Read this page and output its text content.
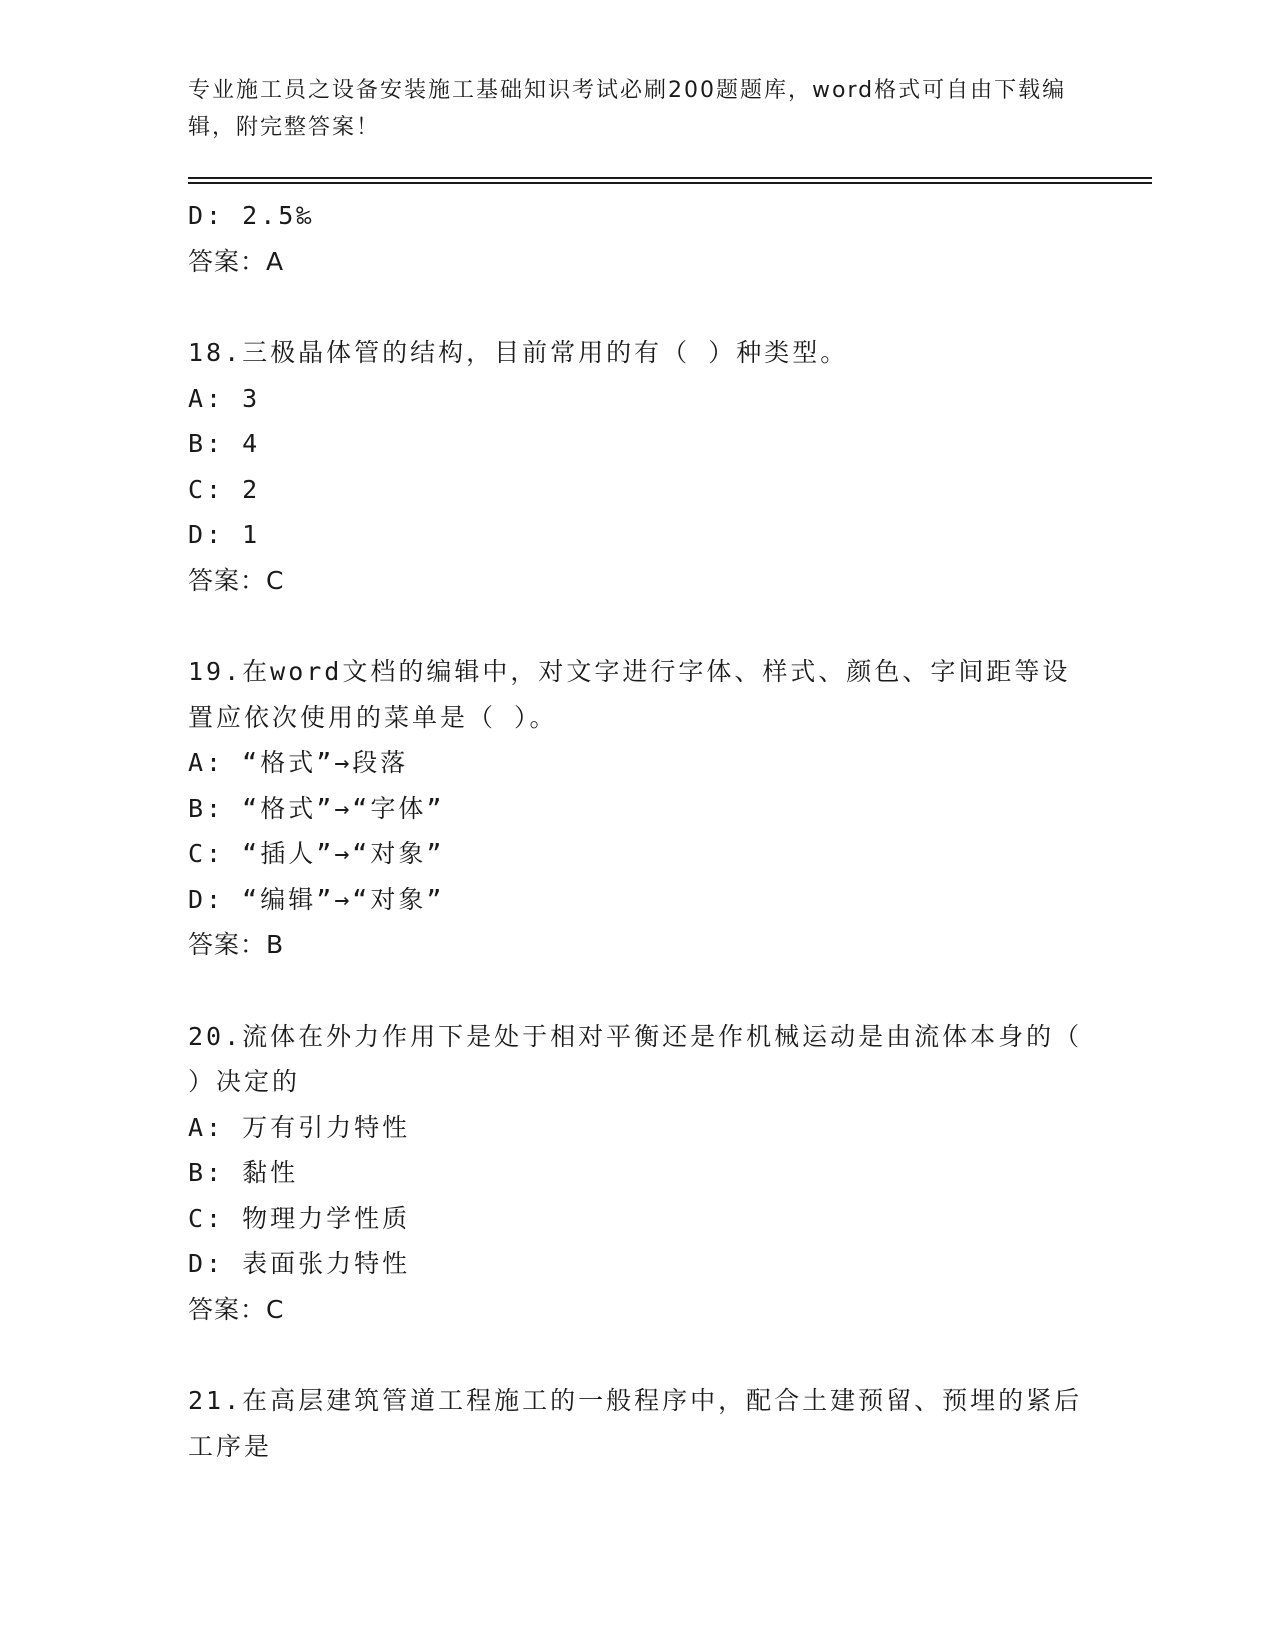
专业施工员之设备安装施工基础知识考试必刷200题题库，word格式可自由下载编辑，附完整答案！
D: 2.5‰
答案：A
18.三极晶体管的结构，目前常用的有（ ）种类型。
A: 3
B: 4
C: 2
D: 1
答案：C
19.在word文档的编辑中，对文字进行字体、样式、颜色、字间距等设置应依次使用的菜单是（ ）。
A: “格式”→段落
B: “格式”→“字体”
C: “插人”→“对象”
D: “编辑”→“对象”
答案：B
20.流体在外力作用下是处于相对平衡还是作机械运动是由流体本身的（ ）决定的
A: 万有引力特性
B: 黏性
C: 物理力学性质
D: 表面张力特性
答案：C
21.在高层建筑管道工程施工的一般程序中，配合土建预留、预埋的紧后工序是
